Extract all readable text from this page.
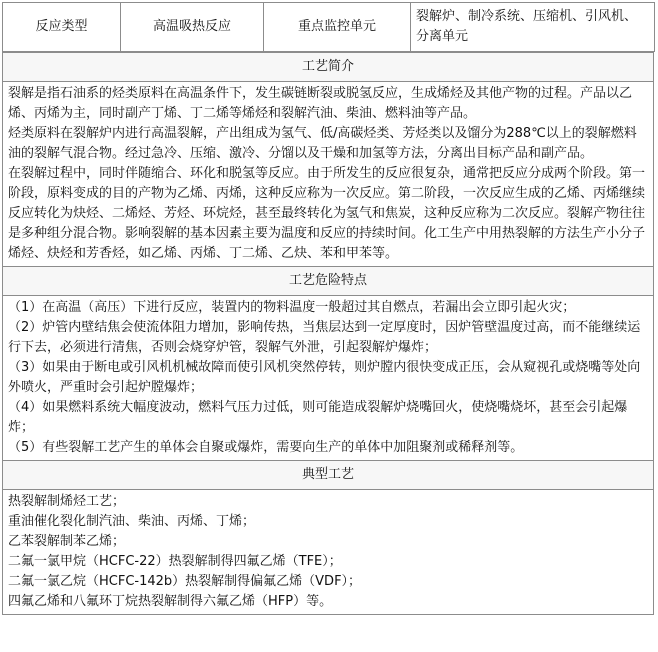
反应类型	高温吸热反应	重点监控单元	裂解炉、制冷系统、压缩机、引风机、分离单元
工艺简介

裂解是指石油系的烃类原料在高温条件下，发生碳链断裂或脱氢反应，生成烯烃及其他产物的过程。产品以乙烯、丙烯为主，同时副产丁烯、丁二烯等烯烃和裂解汽油、柴油、燃料油等产品。

烃类原料在裂解炉内进行高温裂解，产出组成为氢气、低/高碳烃类、芳烃类以及馏分为288℃以上的裂解燃料油的裂解气混合物。经过急冷、压缩、激冷、分馏以及干燥和加氢等方法，分离出目标产品和副产品。

在裂解过程中，同时伴随缩合、环化和脱氢等反应。由于所发生的反应很复杂，通常把反应分成两个阶段。第一阶段，原料变成的目的产物为乙烯、丙烯，这种反应称为一次反应。第二阶段，一次反应生成的乙烯、丙烯继续反应转化为炔烃、二烯烃、芳烃、环烷烃，甚至最终转化为氢气和焦炭，这种反应称为二次反应。裂解产物往往是多种组分混合物。影响裂解的基本因素主要为温度和反应的持续时间。化工生产中用热裂解的方法生产小分子烯烃、炔烃和芳香烃，如乙烯、丙烯、丁二烯、乙炔、苯和甲苯等。

工艺危险特点

（1）在高温（高压）下进行反应，装置内的物料温度一般超过其自燃点，若漏出会立即引起火灾；

（2）炉管内壁结焦会使流体阻力增加，影响传热，当焦层达到一定厚度时，因炉管壁温度过高，而不能继续运行下去，必须进行清焦，否则会烧穿炉管，裂解气外泄，引起裂解炉爆炸；

（3）如果由于断电或引风机机械故障而使引风机突然停转，则炉膛内很快变成正压，会从窥视孔或烧嘴等处向外喷火，严重时会引起炉膛爆炸；

（4）如果燃料系统大幅度波动，燃料气压力过低，则可能造成裂解炉烧嘴回火，使烧嘴烧坏，甚至会引起爆炸；

（5）有些裂解工艺产生的单体会自聚或爆炸，需要向生产的单体中加阻聚剂或稀释剂等。

典型工艺

热裂解制烯烃工艺；

重油催化裂化制汽油、柴油、丙烯、丁烯；

乙苯裂解制苯乙烯；

二氟一氯甲烷（HCFC-22）热裂解制得四氟乙烯（TFE）；

二氟一氯乙烷（HCFC-142b）热裂解制得偏氟乙烯（VDF）；

四氟乙烯和八氟环丁烷热裂解制得六氟乙烯（HFP）等。
